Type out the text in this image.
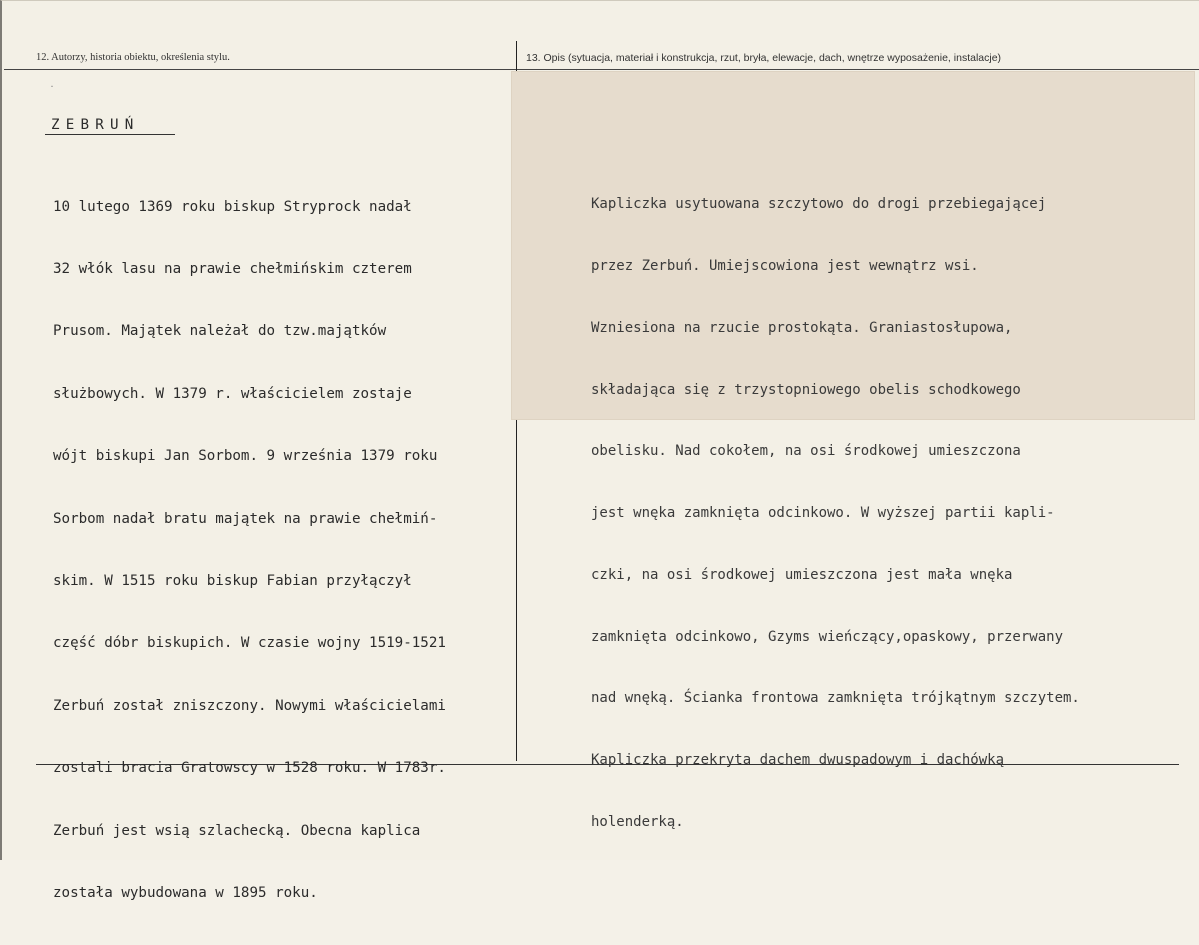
12. Autorzy, historia obiektu, określenia stylu.	13. Opis (sytuacja, materiał i konstrukcja, rzut, bryła, elewacje, dach, wnętrze wyposażenie, instalacje)
·
ZEBRUŃ

10 lutego 1369 roku biskup Stryprock nadał

32 włók lasu na prawie chełmińskim czterem

Prusom. Majątek należał do tzw.majątków

służbowych. W 1379 r. właścicielem zostaje

wójt biskupi Jan Sorbom. 9 września 1379 roku

Sorbom nadał bratu majątek na prawie chełmiń-

skim. W 1515 roku biskup Fabian przyłączył

część dóbr biskupich. W czasie wojny 1519-1521

Zerbuń został zniszczony. Nowymi właścicielami

zostali bracia Gratowscy w 1528 roku. W 1783r.

Zerbuń jest wsią szlachecką. Obecna kaplica

została wybudowana w 1895 roku.

Kapliczka usytuowana szczytowo do drogi przebiegającej

przez Zerbuń. Umiejscowiona jest wewnątrz wsi.

Wzniesiona na rzucie prostokąta. Graniastosłupowa,

składająca się z trzystopniowego obelis schodkowego

obelisku. Nad cokołem, na osi środkowej umieszczona

jest wnęka zamknięta odcinkowo. W wyższej partii kapli-

czki, na osi środkowej umieszczona jest mała wnęka

zamknięta odcinkowo, Gzyms wieńczący,opaskowy, przerwany

nad wnęką. Ścianka frontowa zamknięta trójkątnym szczytem.

Kapliczka przekryta dachem dwuspadowym i dachówką

holenderką.
